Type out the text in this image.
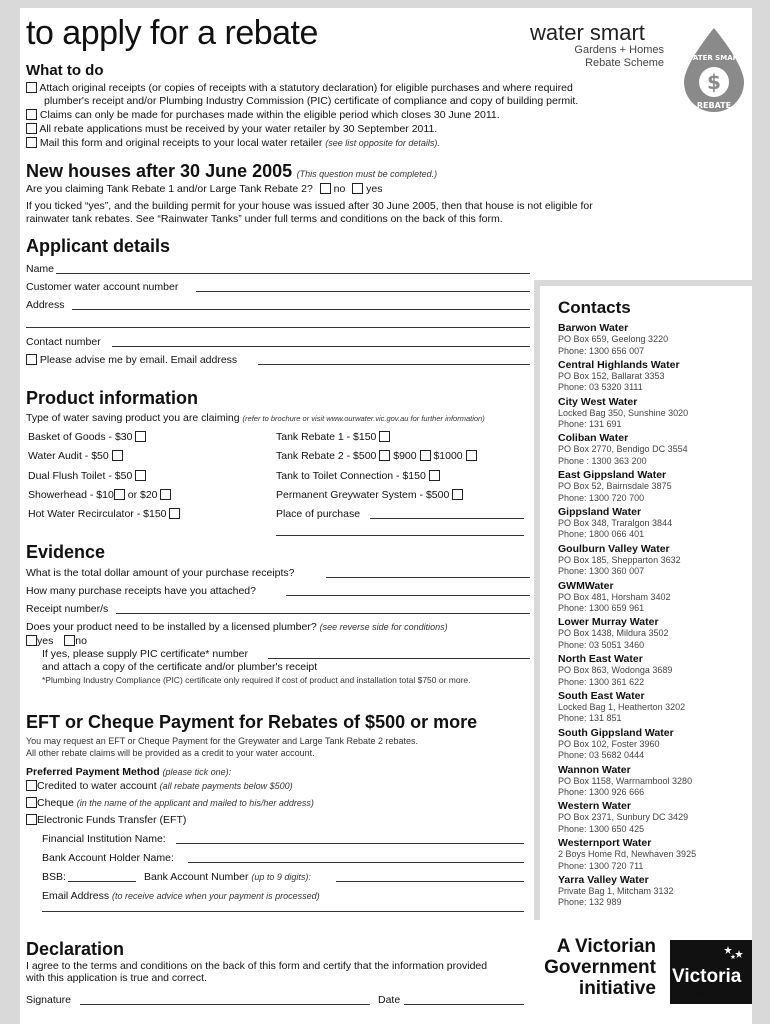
to apply for a rebate	water smart
Gardens + Homes
Rebate Scheme
$
WATER SMART
REBATE
What to do
Attach original receipts (or copies of receipts with a statutory declaration) for eligible purchases and where required
plumber's receipt and/or Plumbing Industry Commission (PIC) certificate of compliance and copy of building permit.
Claims can only be made for purchases made within the eligible period which closes 30 June 2011.
All rebate applications must be received by your water retailer by 30 September 2011.
Mail this form and original receipts to your local water retailer (see list opposite for details).
New houses after 30 June 2005 (This question must be completed.)
Are you claiming Tank Rebate 1 and/or Large Tank Rebate 2? no yes
If you ticked “yes”, and the building permit for your house was issued after 30 June 2005, then that house is not eligible for
rainwater tank rebates. See “Rainwater Tanks” under full terms and conditions on the back of this form.
Applicant details
Name
Customer water account number
Address
Contact number
Please advise me by email. Email address
Product information
Type of water saving product you are claiming (refer to brochure or visit www.ourwater.vic.gov.au for further information)
Basket of Goods - $30
Water Audit - $50
Dual Flush Toilet - $50
Showerhead - $10 or $20
Hot Water Recirculator - $150
Tank Rebate 1 - $150
Tank Rebate 2 - $500 $900 $1000
Tank to Toilet Connection - $150
Permanent Greywater System - $500
Place of purchase
Evidence
What is the total dollar amount of your purchase receipts?
How many purchase receipts have you attached?
Receipt number/s
Does your product need to be installed by a licensed plumber? (see reverse side for conditions)
yes no
If yes, please supply PIC certificate* number
and attach a copy of the certificate and/or plumber's receipt
*Plumbing Industry Compliance (PIC) certificate only required if cost of product and installation total $750 or more.
EFT or Cheque Payment for Rebates of $500 or more
You may request an EFT or Cheque Payment for the Greywater and Large Tank Rebate 2 rebates.
All other rebate claims will be provided as a credit to your water account.
Preferred Payment Method (please tick one):
Credited to water account (all rebate payments below $500)
Cheque (in the name of the applicant and mailed to his/her address)
Electronic Funds Transfer (EFT)
Financial Institution Name:
Bank Account Holder Name:
BSB:	Bank Account Number (up to 9 digits):
Email Address (to receive advice when your payment is processed)
Declaration
I agree to the terms and conditions on the back of this form and certify that the information provided
with this application is true and correct.
Signature	Date
Contacts
Barwon Water
PO Box 659, Geelong 3220
Phone: 1300 656 007
Central Highlands Water
PO Box 152, Ballarat 3353
Phone: 03 5320 3111
City West Water
Locked Bag 350, Sunshine 3020
Phone: 131 691
Coliban Water
PO Box 2770, Bendigo DC 3554
Phone : 1300 363 200
East Gippsland Water
PO Box 52, Bairnsdale 3875
Phone: 1300 720 700
Gippsland Water
PO Box 348, Traralgon 3844
Phone: 1800 066 401
Goulburn Valley Water
PO Box 185, Shepparton 3632
Phone: 1300 360 007
GWMWater
PO Box 481, Horsham 3402
Phone: 1300 659 961
Lower Murray Water
PO Box 1438, Mildura 3502
Phone: 03 5051 3460
North East Water
PO Box 863, Wodonga 3689
Phone: 1300 361 622
South East Water
Locked Bag 1, Heatherton 3202
Phone: 131 851
South Gippsland Water
PO Box 102, Foster 3960
Phone: 03 5682 0444
Wannon Water
PO Box 1158, Warrnambool 3280
Phone: 1300 926 666
Western Water
PO Box 2371, Sunbury DC 3429
Phone: 1300 650 425
Westernport Water
2 Boys Home Rd, Newhaven 3925
Phone: 1300 720 711
Yarra Valley Water
Private Bag 1, Mitcham 3132
Phone: 132 989
A Victorian
Government
initiative
Victoria
The Place To Be
